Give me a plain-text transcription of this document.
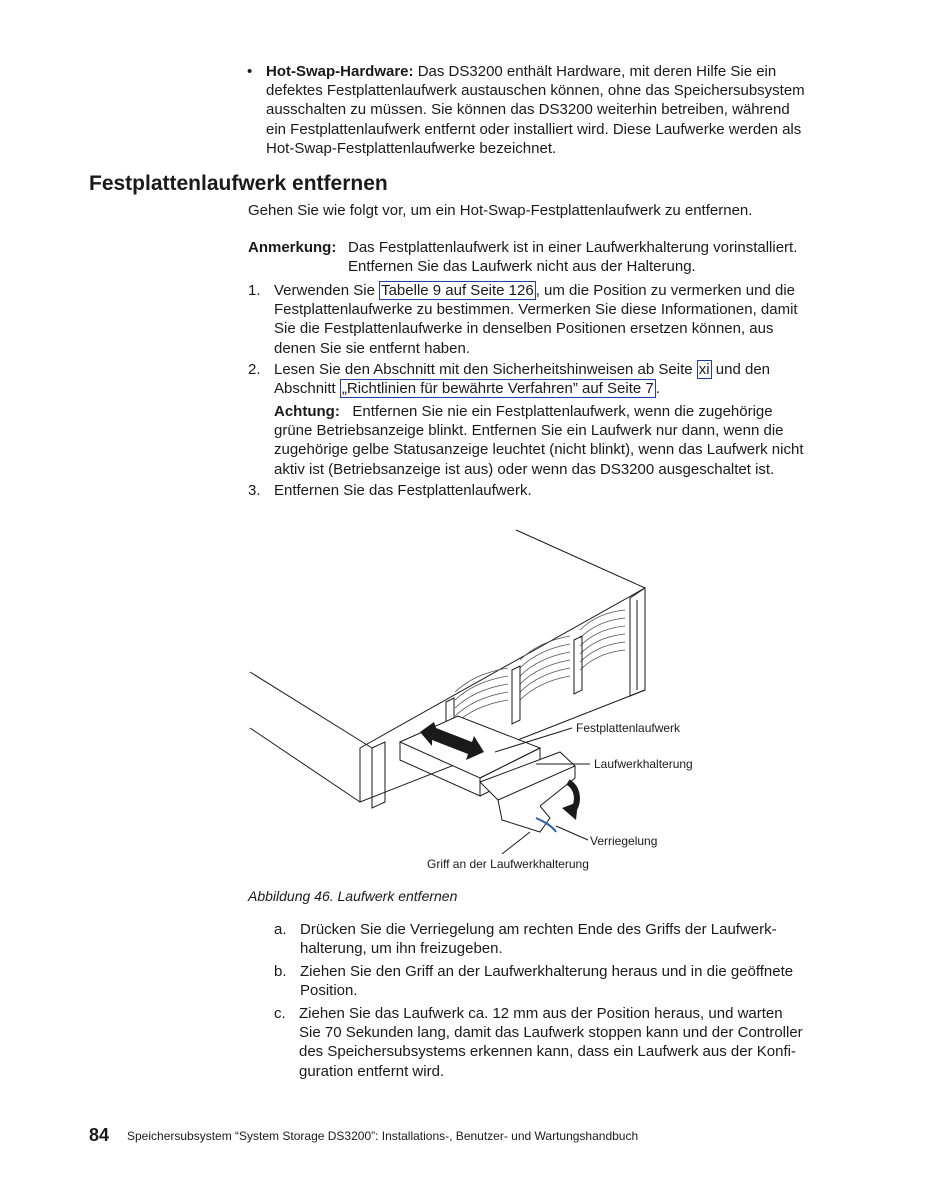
• Hot-Swap-Hardware: Das DS3200 enthält Hardware, mit deren Hilfe Sie ein
defektes Festplattenlaufwerk austauschen können, ohne das Speichersubsystem
ausschalten zu müssen. Sie können das DS3200 weiterhin betreiben, während
ein Festplattenlaufwerk entfernt oder installiert wird. Diese Laufwerke werden als
Hot-Swap-Festplattenlaufwerke bezeichnet.
Festplattenlaufwerk entfernen
Gehen Sie wie folgt vor, um ein Hot-Swap-Festplattenlaufwerk zu entfernen.
Anmerkung: Das Festplattenlaufwerk ist in einer Laufwerkhalterung vorinstalliert.
Entfernen Sie das Laufwerk nicht aus der Halterung.
1. Verwenden Sie Tabelle 9 auf Seite 126 , um die Position zu vermerken und die
Festplattenlaufwerke zu bestimmen. Vermerken Sie diese Informationen, damit
Sie die Festplattenlaufwerke in denselben Positionen ersetzen können, aus
denen Sie sie entfernt haben.
2. Lesen Sie den Abschnitt mit den Sicherheitshinweisen ab Seite xi und den
Abschnitt „Richtlinien für bewährte Verfahren” auf Seite 7 .
Achtung: Entfernen Sie nie ein Festplattenlaufwerk, wenn die zugehörige
grüne Betriebsanzeige blinkt. Entfernen Sie ein Laufwerk nur dann, wenn die
zugehörige gelbe Statusanzeige leuchtet (nicht blinkt), wenn das Laufwerk nicht
aktiv ist (Betriebsanzeige ist aus) oder wenn das DS3200 ausgeschaltet ist.
3. Entfernen Sie das Festplattenlaufwerk.
Festplattenlaufwerk
Laufwerkhalterung
Verriegelung
Griff an der Laufwerkhalterung
Abbildung 46. Laufwerk entfernen
a. Drücken Sie die Verriegelung am rechten Ende des Griffs der Laufwerk-
halterung, um ihn freizugeben.
b. Ziehen Sie den Griff an der Laufwerkhalterung heraus und in die geöffnete
Position.
c. Ziehen Sie das Laufwerk ca. 12 mm aus der Position heraus, und warten
Sie 70 Sekunden lang, damit das Laufwerk stoppen kann und der Controller
des Speichersubsystems erkennen kann, dass ein Laufwerk aus der Konfi-
guration entfernt wird.
84 Speichersubsystem “System Storage DS3200”: Installations-, Benutzer- und Wartungshandbuch
